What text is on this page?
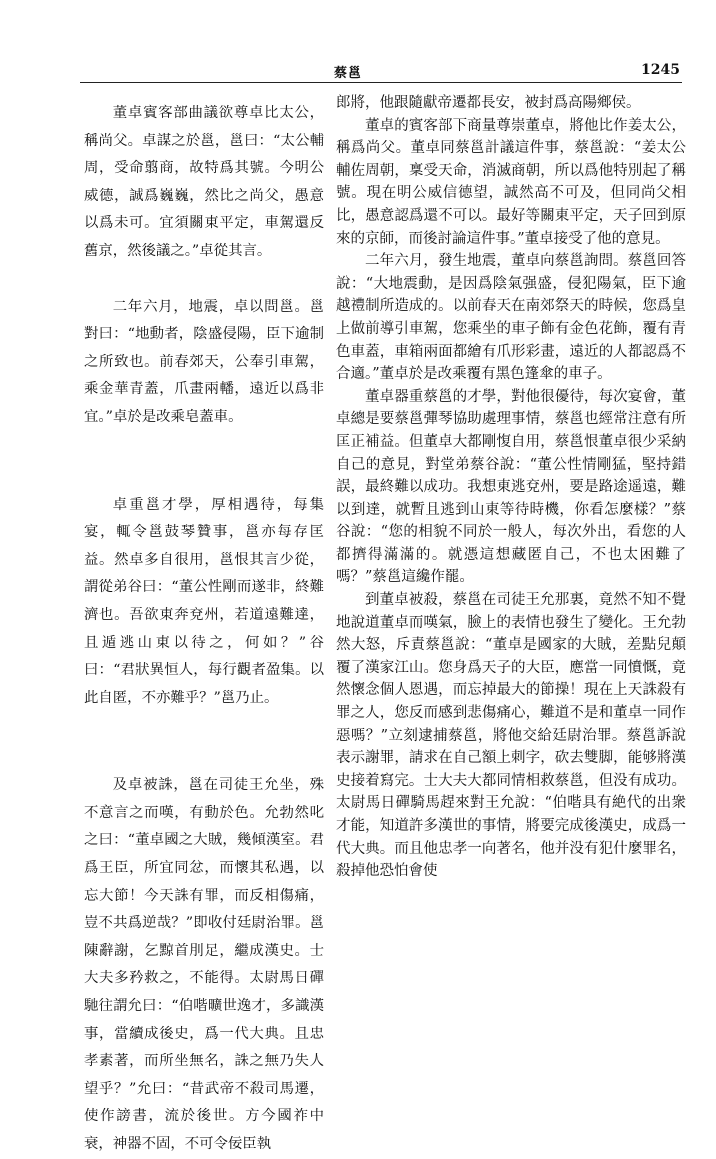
蔡邕	1245

董卓賓客部曲議欲尊卓比太公，稱尚父。卓謀之於邕，邕曰：“太公輔周，受命翦商，故特爲其號。今明公威德，誠爲巍巍，然比之尚父，愚意以爲未可。宜須關東平定，車駕還反舊京，然後議之。”卓從其言。

二年六月，地震，卓以問邕。邕對曰：“地動者，陰盛侵陽，臣下逾制之所致也。前春郊天，公奉引車駕，乘金華青蓋，爪畫兩轓，遠近以爲非宜。”卓於是改乘皂蓋車。

卓重邕才學，厚相遇待，每集宴，輒令邕鼓琴贊事，邕亦每存匡益。然卓多自很用，邕恨其言少從，謂從弟谷曰：“董公性剛而遂非，終難濟也。吾欲東奔兗州，若道遠難達，且遁逃山東以待之，何如？”谷曰：“君狀異恒人，每行觀者盈集。以此自匿，不亦難乎？”邕乃止。

及卓被誅，邕在司徒王允坐，殊不意言之而嘆，有動於色。允勃然叱之曰：“董卓國之大賊，幾傾漢室。君爲王臣，所宜同忿，而懷其私遇，以忘大節！今天誅有罪，而反相傷痛，豈不共爲逆哉？”即收付廷尉治罪。邕陳辭謝，乞黥首刖足，繼成漢史。士大夫多矜救之，不能得。太尉馬日磾馳往謂允曰：“伯喈曠世逸才，多識漢事，當續成後史，爲一代大典。且忠孝素著，而所坐無名，誅之無乃失人望乎？”允曰：“昔武帝不殺司馬遷，使作謗書，流於後世。方今國祚中衰，神器不固，不可令佞臣執

郎將，他跟隨獻帝遷都長安，被封爲高陽鄉侯。

董卓的賓客部下商量尊崇董卓，將他比作姜太公，稱爲尚父。董卓同蔡邕計議這件事，蔡邕說：“姜太公輔佐周朝，稟受天命，消滅商朝，所以爲他特別起了稱號。現在明公威信德望，誠然高不可及，但同尚父相比，愚意認爲還不可以。最好等關東平定，天子回到原來的京師，而後討論這件事。”董卓接受了他的意見。

二年六月，發生地震，董卓向蔡邕詢問。蔡邕回答說：“大地震動，是因爲陰氣强盛，侵犯陽氣，臣下逾越禮制所造成的。以前春天在南郊祭天的時候，您爲皇上做前導引車駕，您乘坐的車子飾有金色花飾，覆有青色車蓋，車箱兩面都繪有爪形彩畫，遠近的人都認爲不合適。”董卓於是改乘覆有黑色篷傘的車子。

董卓器重蔡邕的才學，對他很優待，每次宴會，董卓總是要蔡邕彈琴協助處理事情，蔡邕也經常注意有所匡正補益。但董卓大都剛愎自用，蔡邕恨董卓很少采納自己的意見，對堂弟蔡谷說：“董公性情剛猛，堅持錯誤，最終難以成功。我想東逃兗州，要是路途遥遠，難以到達，就暫且逃到山東等待時機，你看怎麼樣？”蔡谷說：“您的相貌不同於一般人，每次外出，看您的人都擠得滿滿的。就憑這想藏匿自己，不也太困難了嗎？”蔡邕這纔作罷。

到董卓被殺，蔡邕在司徒王允那裏，竟然不知不覺地說道董卓而嘆氣，臉上的表情也發生了變化。王允勃然大怒，斥責蔡邕說：“董卓是國家的大賊，差點兒顛覆了漢家江山。您身爲天子的大臣，應當一同憤慨，竟然懷念個人恩遇，而忘掉最大的節操！現在上天誅殺有罪之人，您反而感到悲傷痛心，難道不是和董卓一同作惡嗎？”立刻逮捕蔡邕，將他交給廷尉治罪。蔡邕訴說表示謝罪，請求在自己額上刺字，砍去雙脚，能够將漢史接着寫完。士大夫大都同情相救蔡邕，但没有成功。太尉馬日磾騎馬趕來對王允說：“伯喈具有絶代的出衆才能，知道許多漢世的事情，將要完成後漢史，成爲一代大典。而且他忠孝一向著名，他并没有犯什麼罪名，殺掉他恐怕會使
